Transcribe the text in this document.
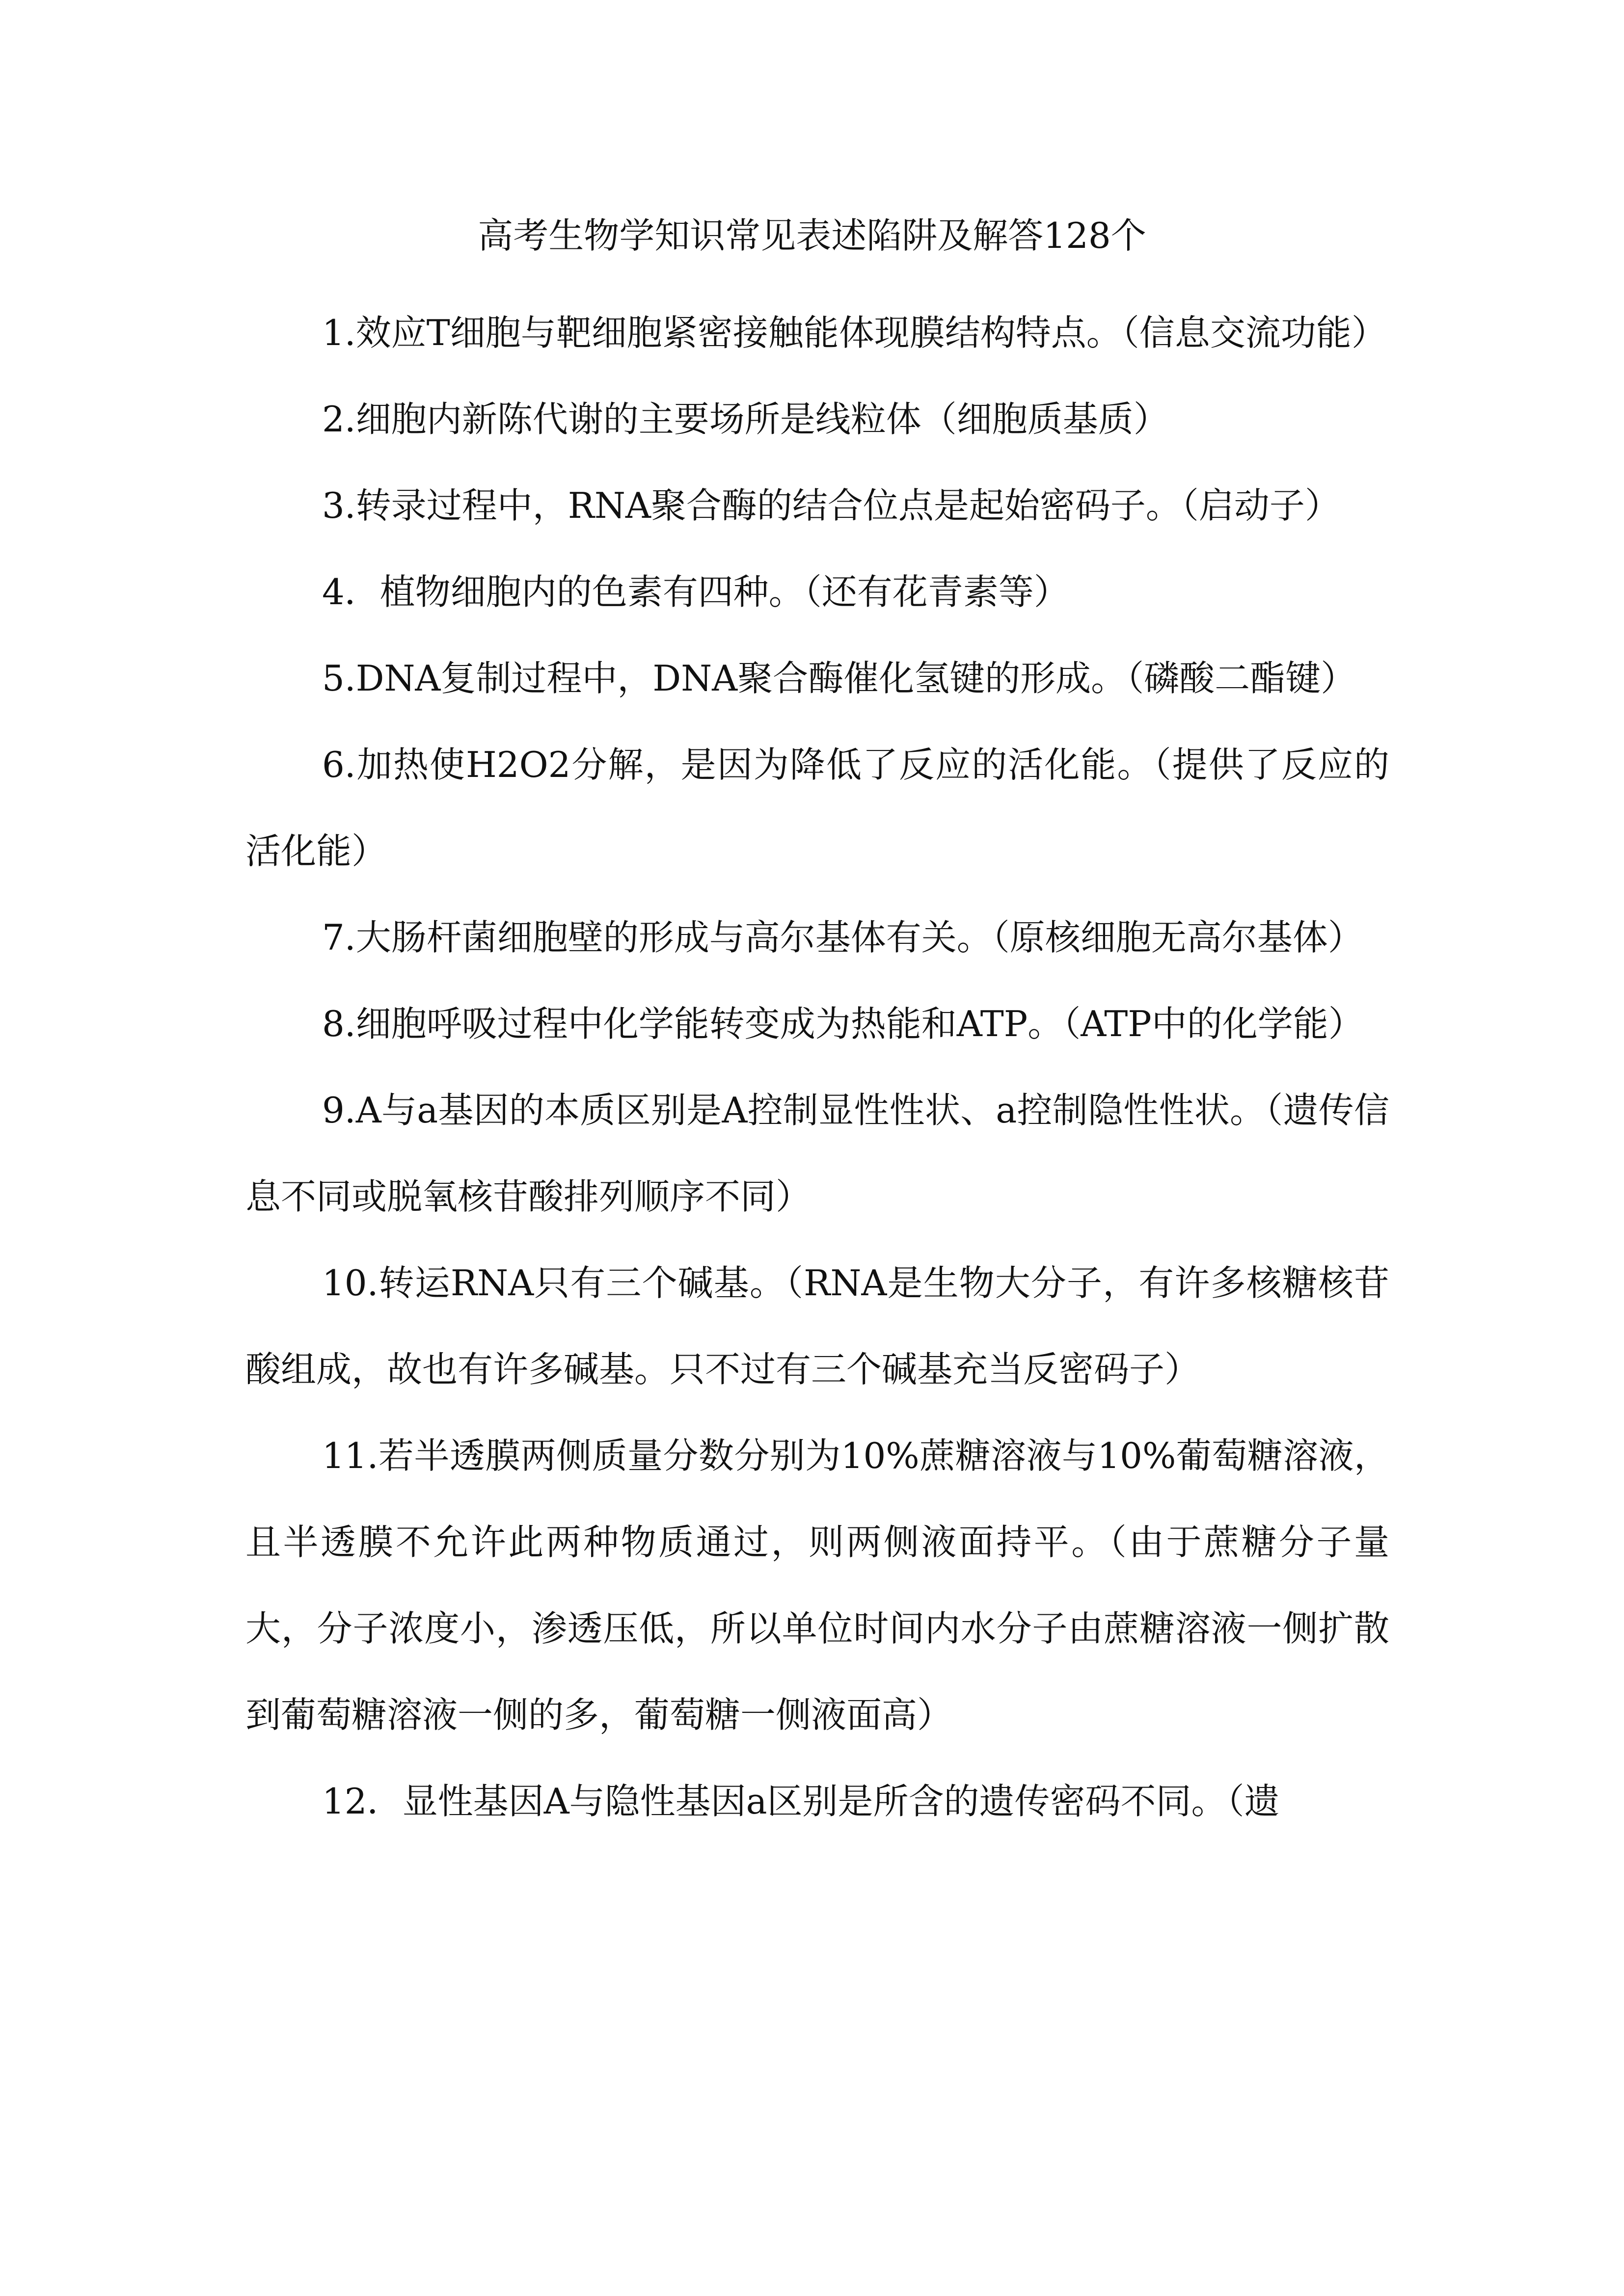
高考生物学知识常见表述陷阱及解答128个

1.效应T细胞与靶细胞紧密接触能体现膜结构特点。（信息交流功能）

2.细胞内新陈代谢的主要场所是线粒体（细胞质基质）

3.转录过程中，RNA聚合酶的结合位点是起始密码子。（启动子）

4．植物细胞内的色素有四种。（还有花青素等）

5.DNA复制过程中，DNA聚合酶催化氢键的形成。（磷酸二酯键）

6.加热使H2O2分解，是因为降低了反应的活化能。（提供了反应的活化能）

7.大肠杆菌细胞壁的形成与高尔基体有关。（原核细胞无高尔基体）

8.细胞呼吸过程中化学能转变成为热能和ATP。（ATP中的化学能）

9.A与a基因的本质区别是A控制显性性状、a控制隐性性状。（遗传信息不同或脱氧核苷酸排列顺序不同）

10.转运RNA只有三个碱基。（RNA是生物大分子，有许多核糖核苷酸组成，故也有许多碱基。只不过有三个碱基充当反密码子）

11.若半透膜两侧质量分数分别为10%蔗糖溶液与10%葡萄糖溶液，且半透膜不允许此两种物质通过，则两侧液面持平。（由于蔗糖分子量大，分子浓度小，渗透压低，所以单位时间内水分子由蔗糖溶液一侧扩散到葡萄糖溶液一侧的多，葡萄糖一侧液面高）

12．显性基因A与隐性基因a区别是所含的遗传密码不同。（遗
